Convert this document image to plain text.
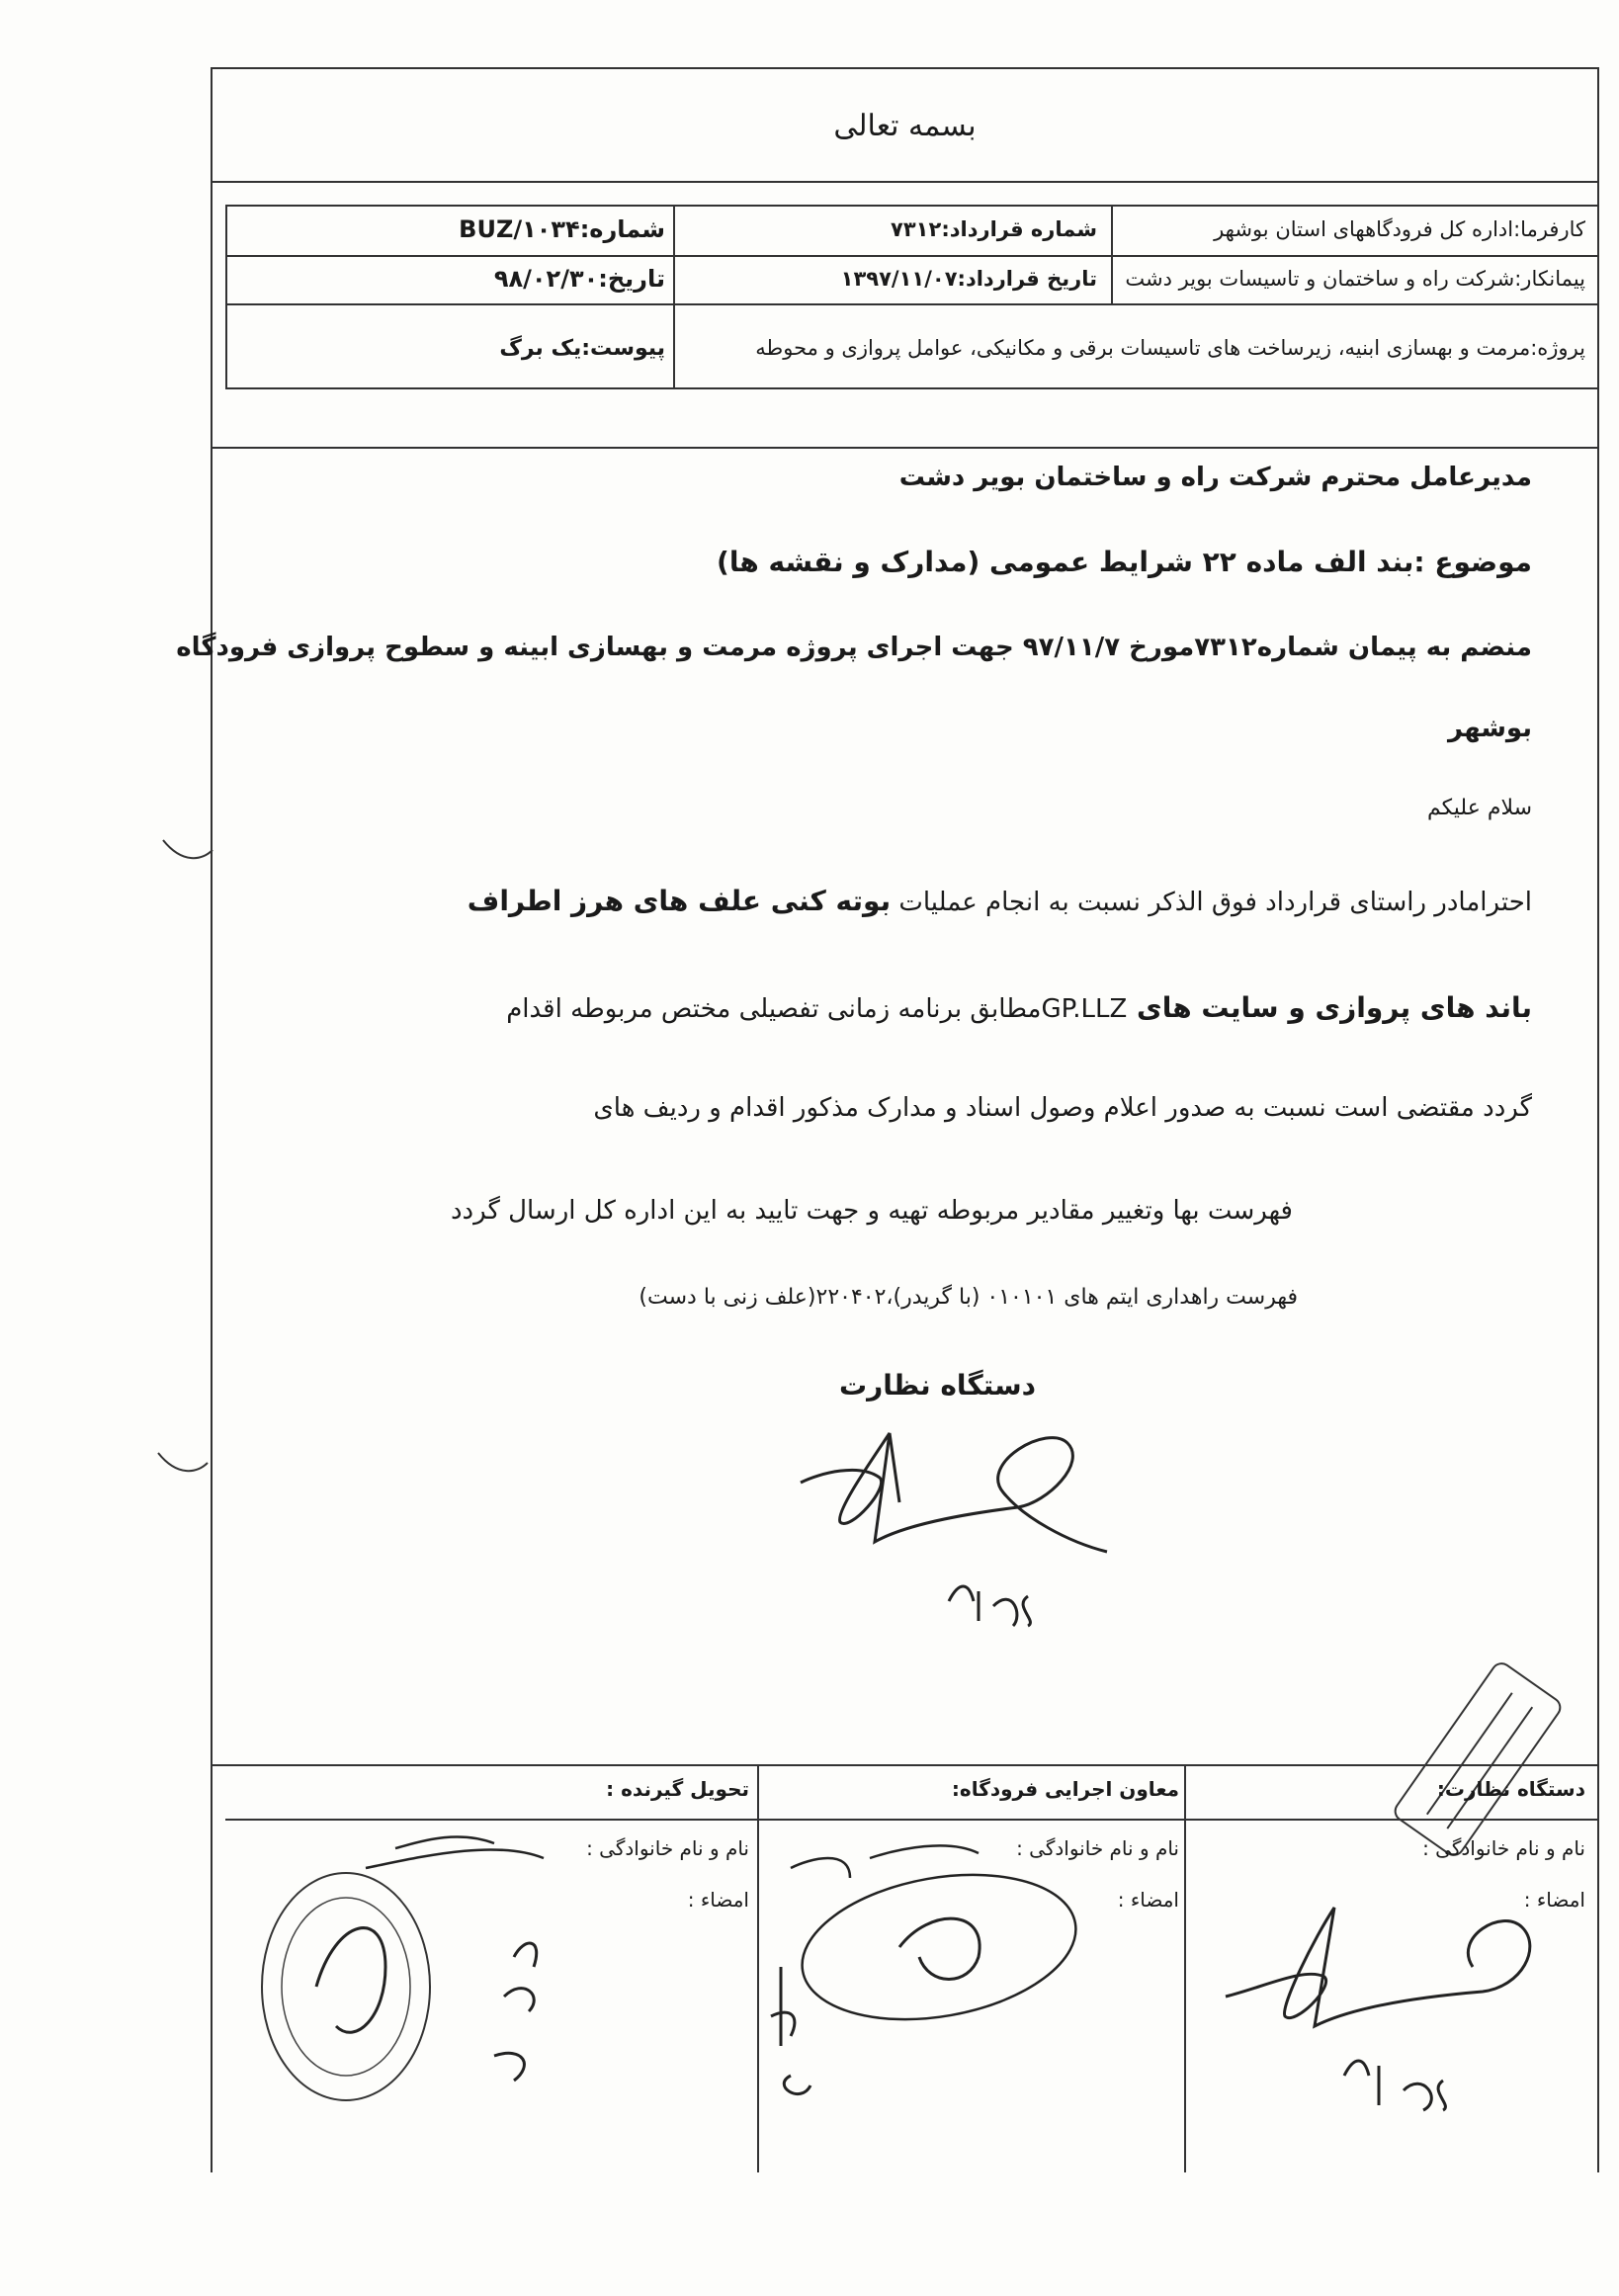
بسمه تعالی
کارفرما:اداره کل فرودگاههای استان بوشهر
شماره قرارداد:۷۳۱۲
شماره:BUZ/۱۰۳۴
پیمانکار:شرکت راه و ساختمان و تاسیسات بویر دشت
تاریخ قرارداد:۱۳۹۷/۱۱/۰۷
تاریخ:۹۸/۰۲/۳۰
پروژه:مرمت و بهسازی ابنیه، زیرساخت های تاسیسات برقی و مکانیکی، عوامل پروازی و محوطه
پیوست:یک برگ
مدیرعامل محترم شرکت راه و ساختمان بویر دشت
موضوع :بند الف ماده ۲۲ شرایط عمومی (مدارک و نقشه ها)
منضم به پیمان شماره۷۳۱۲مورخ ۹۷/۱۱/۷ جهت اجرای پروژه مرمت و بهسازی ابینه و سطوح پروازی فرودگاه
بوشهر
سلام علیکم
احتراما‌در راستای قرارداد فوق الذکر نسبت به انجام عملیات بوته کنی علف های هرز اطراف
باند های پروازی و سایت های GP.LLZمطابق برنامه زمانی تفصیلی مختص مربوطه اقدام
گردد مقتضی است نسبت به صدور اعلام وصول اسناد و مدارک مذکور اقدام و ردیف های
فهرست بها وتغییر مقادیر مربوطه تهیه و جهت تایید به این اداره کل ارسال گردد
فهرست راهداری ایتم های ۰۱۰۱۰۱ (با گریدر)،۲۲۰۴۰۲(علف زنی با دست)
دستگاه نظارت
تحویل گیرنده :
نام و نام خانوادگی :
امضاء :
معاون اجرایی فرودگاه:
نام و نام خانوادگی :
امضاء :
دستگاه نظارت:
نام و نام خانوادگی :
امضاء :
